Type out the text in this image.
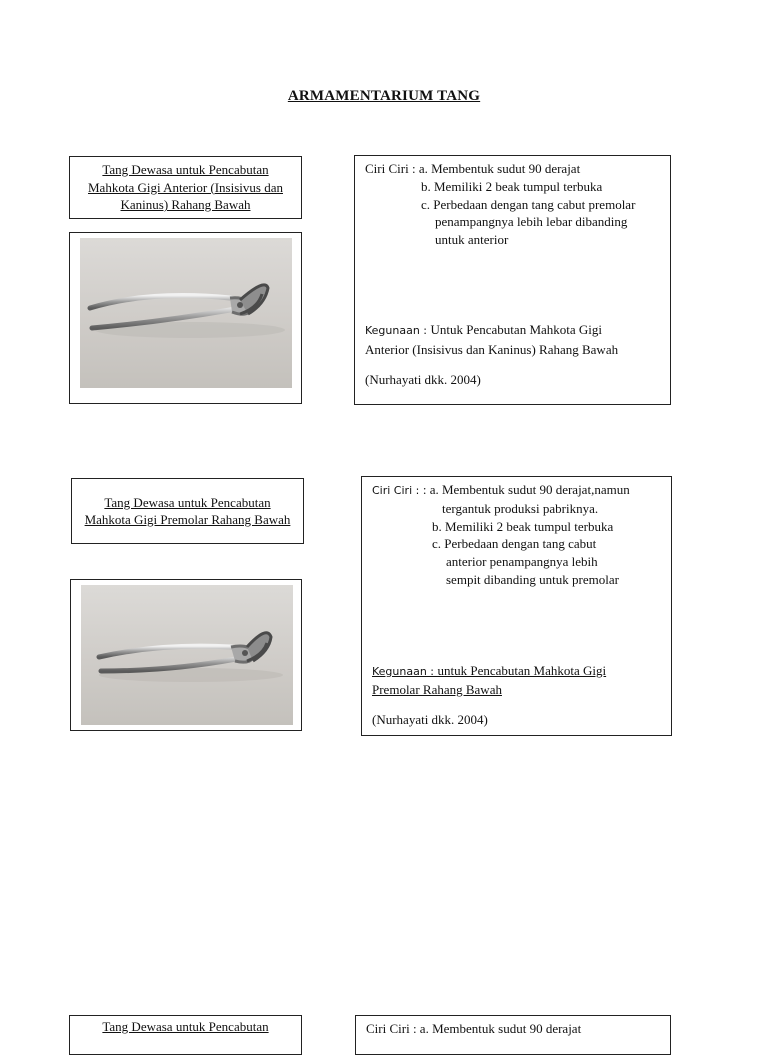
ARMAMENTARIUM TANG
Tang Dewasa untuk Pencabutan Mahkota Gigi Anterior (Insisivus dan Kaninus) Rahang Bawah
Ciri Ciri : a. Membentuk sudut 90 derajat
b. Memiliki 2 beak tumpul terbuka
c. Perbedaan dengan tang cabut premolar
penampangnya lebih lebar dibanding
untuk anterior
Kegunaan : Untuk Pencabutan Mahkota Gigi
Anterior (Insisivus dan Kaninus) Rahang Bawah
(Nurhayati dkk. 2004)
Tang Dewasa untuk Pencabutan Mahkota Gigi Premolar Rahang Bawah
Ciri Ciri : : a. Membentuk sudut 90 derajat,namun
tergantuk produksi pabriknya.
b. Memiliki 2 beak tumpul terbuka
c. Perbedaan dengan tang cabut
anterior penampangnya lebih
sempit dibanding untuk premolar
Kegunaan : untuk Pencabutan Mahkota Gigi
Premolar Rahang Bawah
(Nurhayati dkk. 2004)
Tang Dewasa untuk Pencabutan	Ciri Ciri : a. Membentuk sudut 90 derajat
